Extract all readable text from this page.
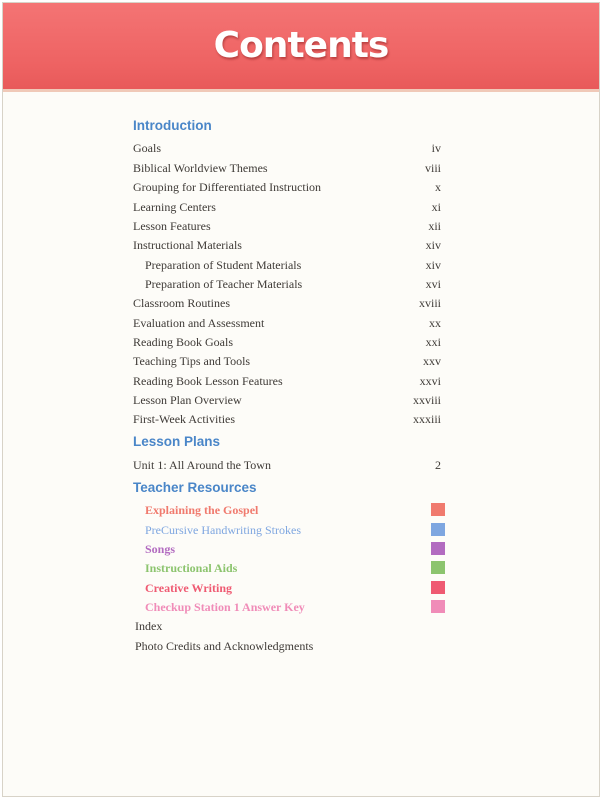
Contents
Introduction
Goals	iv
Biblical Worldview Themes	viii
Grouping for Differentiated Instruction	x
Learning Centers	xi
Lesson Features	xii
Instructional Materials	xiv
Preparation of Student Materials	xiv
Preparation of Teacher Materials	xvi
Classroom Routines	xviii
Evaluation and Assessment	xx
Reading Book Goals	xxi
Teaching Tips and Tools	xxv
Reading Book Lesson Features	xxvi
Lesson Plan Overview	xxviii
First-Week Activities	xxxiii
Lesson Plans
Unit 1: All Around the Town	2
Teacher Resources
Explaining the Gospel
PreCursive Handwriting Strokes
Songs
Instructional Aids
Creative Writing
Checkup Station 1 Answer Key
Index
Photo Credits and Acknowledgments
